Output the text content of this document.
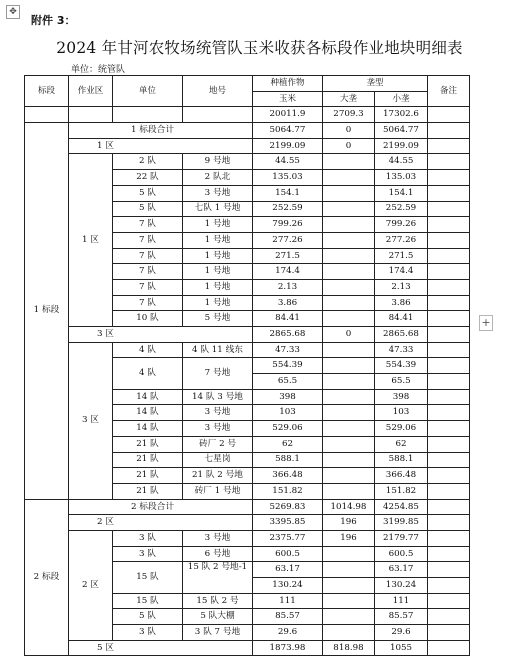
✥
附件 3：
2024 年甘河农牧场统管队玉米收获各标段作业地块明细表
单位：统管队
+
标段	作业区	单位	地号	种植作物	垄型		备注
				玉米	大垄	小垄	
				20011.9	2709.3	17302.6	
1 标段	1 标段合计			5064.77	0	5064.77	
	1 区			2199.09	0	2199.09	
	1 区	2 队	9 号地	44.55		44.55	
		22 队	2 队北	135.03		135.03	
		5 队	3 号地	154.1		154.1	
		5 队	七队 1 号地	252.59		252.59	
		7 队	1 号地	799.26		799.26	
		7 队	1 号地	277.26		277.26	
		7 队	1 号地	271.5		271.5	
		7 队	1 号地	174.4		174.4	
		7 队	1 号地	2.13		2.13	
		7 队	1 号地	3.86		3.86	
		10 队	5 号地	84.41		84.41	
	3 区			2865.68	0	2865.68	
	3 区	4 队	4 队 11 线东	47.33		47.33	
		4 队	7 号地	554.39		554.39	
				65.5		65.5	
		14 队	14 队 3 号地	398		398	
		14 队	3 号地	103		103	
		14 队	3 号地	529.06		529.06	
		21 队	砖厂 2 号	62		62	
		21 队	七星岗	588.1		588.1	
		21 队	21 队 2 号地	366.48		366.48	
		21 队	砖厂 1 号地	151.82		151.82	
2 标段	2 标段合计			5269.83	1014.98	4254.85	
	2 区			3395.85	196	3199.85	
	2 区	3 队	3 号地	2375.77	196	2179.77	
		3 队	6 号地	600.5		600.5	
		15 队	15 队 2 号地-1	63.17		63.17	
				130.24		130.24	
		15 队	15 队 2 号	111		111	
		5 队	5 队大棚	85.57		85.57	
		3 队	3 队 7 号地	29.6		29.6	
	5 区			1873.98	818.98	1055	
